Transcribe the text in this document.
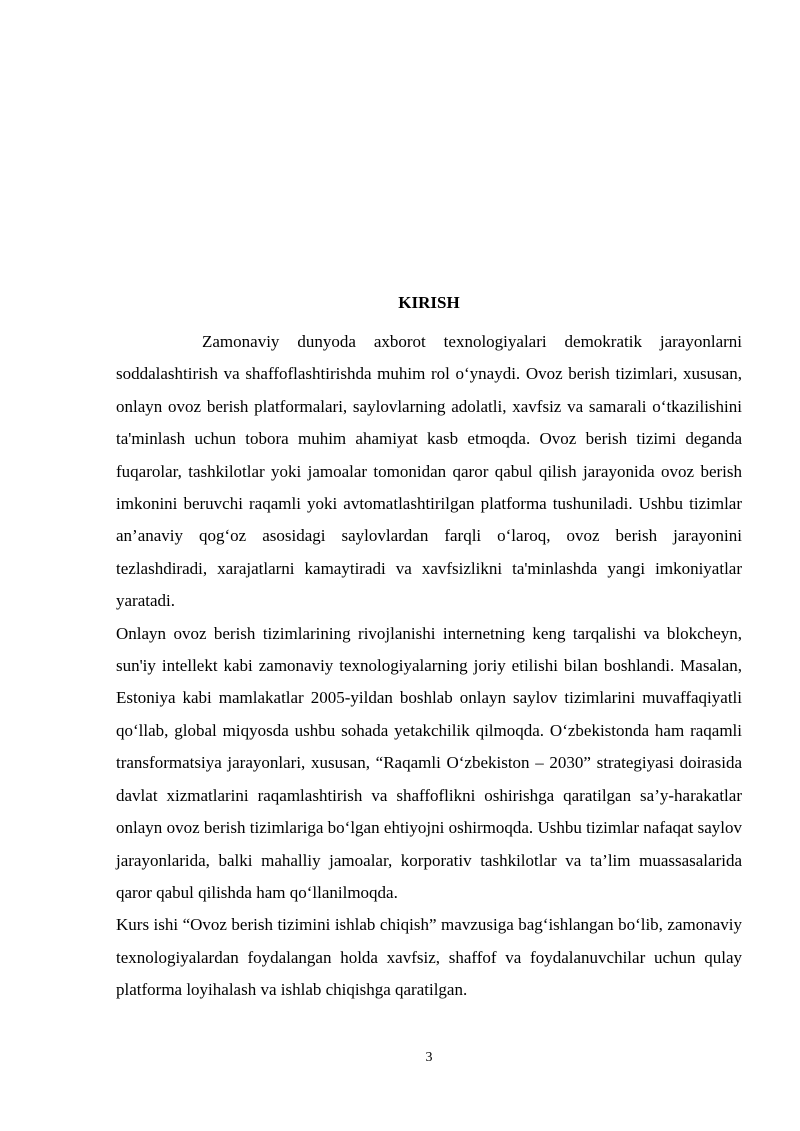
KIRISH

Zamonaviy dunyoda axborot texnologiyalari demokratik jarayonlarni soddalashtirish va shaffoflashtirishda muhim rol o‘ynaydi. Ovoz berish tizimlari, xususan, onlayn ovoz berish platformalari, saylovlarning adolatli, xavfsiz va samarali o‘tkazilishini ta'minlash uchun tobora muhim ahamiyat kasb etmoqda. Ovoz berish tizimi deganda fuqarolar, tashkilotlar yoki jamoalar tomonidan qaror qabul qilish jarayonida ovoz berish imkonini beruvchi raqamli yoki avtomatlashtirilgan platforma tushuniladi. Ushbu tizimlar an’anaviy qog‘oz asosidagi saylovlardan farqli o‘laroq, ovoz berish jarayonini tezlashdiradi, xarajatlarni kamaytiradi va xavfsizlikni ta'minlashda yangi imkoniyatlar yaratadi.

Onlayn ovoz berish tizimlarining rivojlanishi internetning keng tarqalishi va blokcheyn, sun'iy intellekt kabi zamonaviy texnologiyalarning joriy etilishi bilan boshlandi. Masalan, Estoniya kabi mamlakatlar 2005-yildan boshlab onlayn saylov tizimlarini muvaffaqiyatli qo‘llab, global miqyosda ushbu sohada yetakchilik qilmoqda. O‘zbekistonda ham raqamli transformatsiya jarayonlari, xususan, “Raqamli O‘zbekiston – 2030” strategiyasi doirasida davlat xizmatlarini raqamlashtirish va shaffoflikni oshirishga qaratilgan sa’y-harakatlar onlayn ovoz berish tizimlariga bo‘lgan ehtiyojni oshirmoqda. Ushbu tizimlar nafaqat saylov jarayonlarida, balki mahalliy jamoalar, korporativ tashkilotlar va ta’lim muassasalarida qaror qabul qilishda ham qo‘llanilmoqda.

Kurs ishi “Ovoz berish tizimini ishlab chiqish” mavzusiga bag‘ishlangan bo‘lib, zamonaviy texnologiyalardan foydalangan holda xavfsiz, shaffof va foydalanuvchilar uchun qulay platforma loyihalash va ishlab chiqishga qaratilgan.

3
